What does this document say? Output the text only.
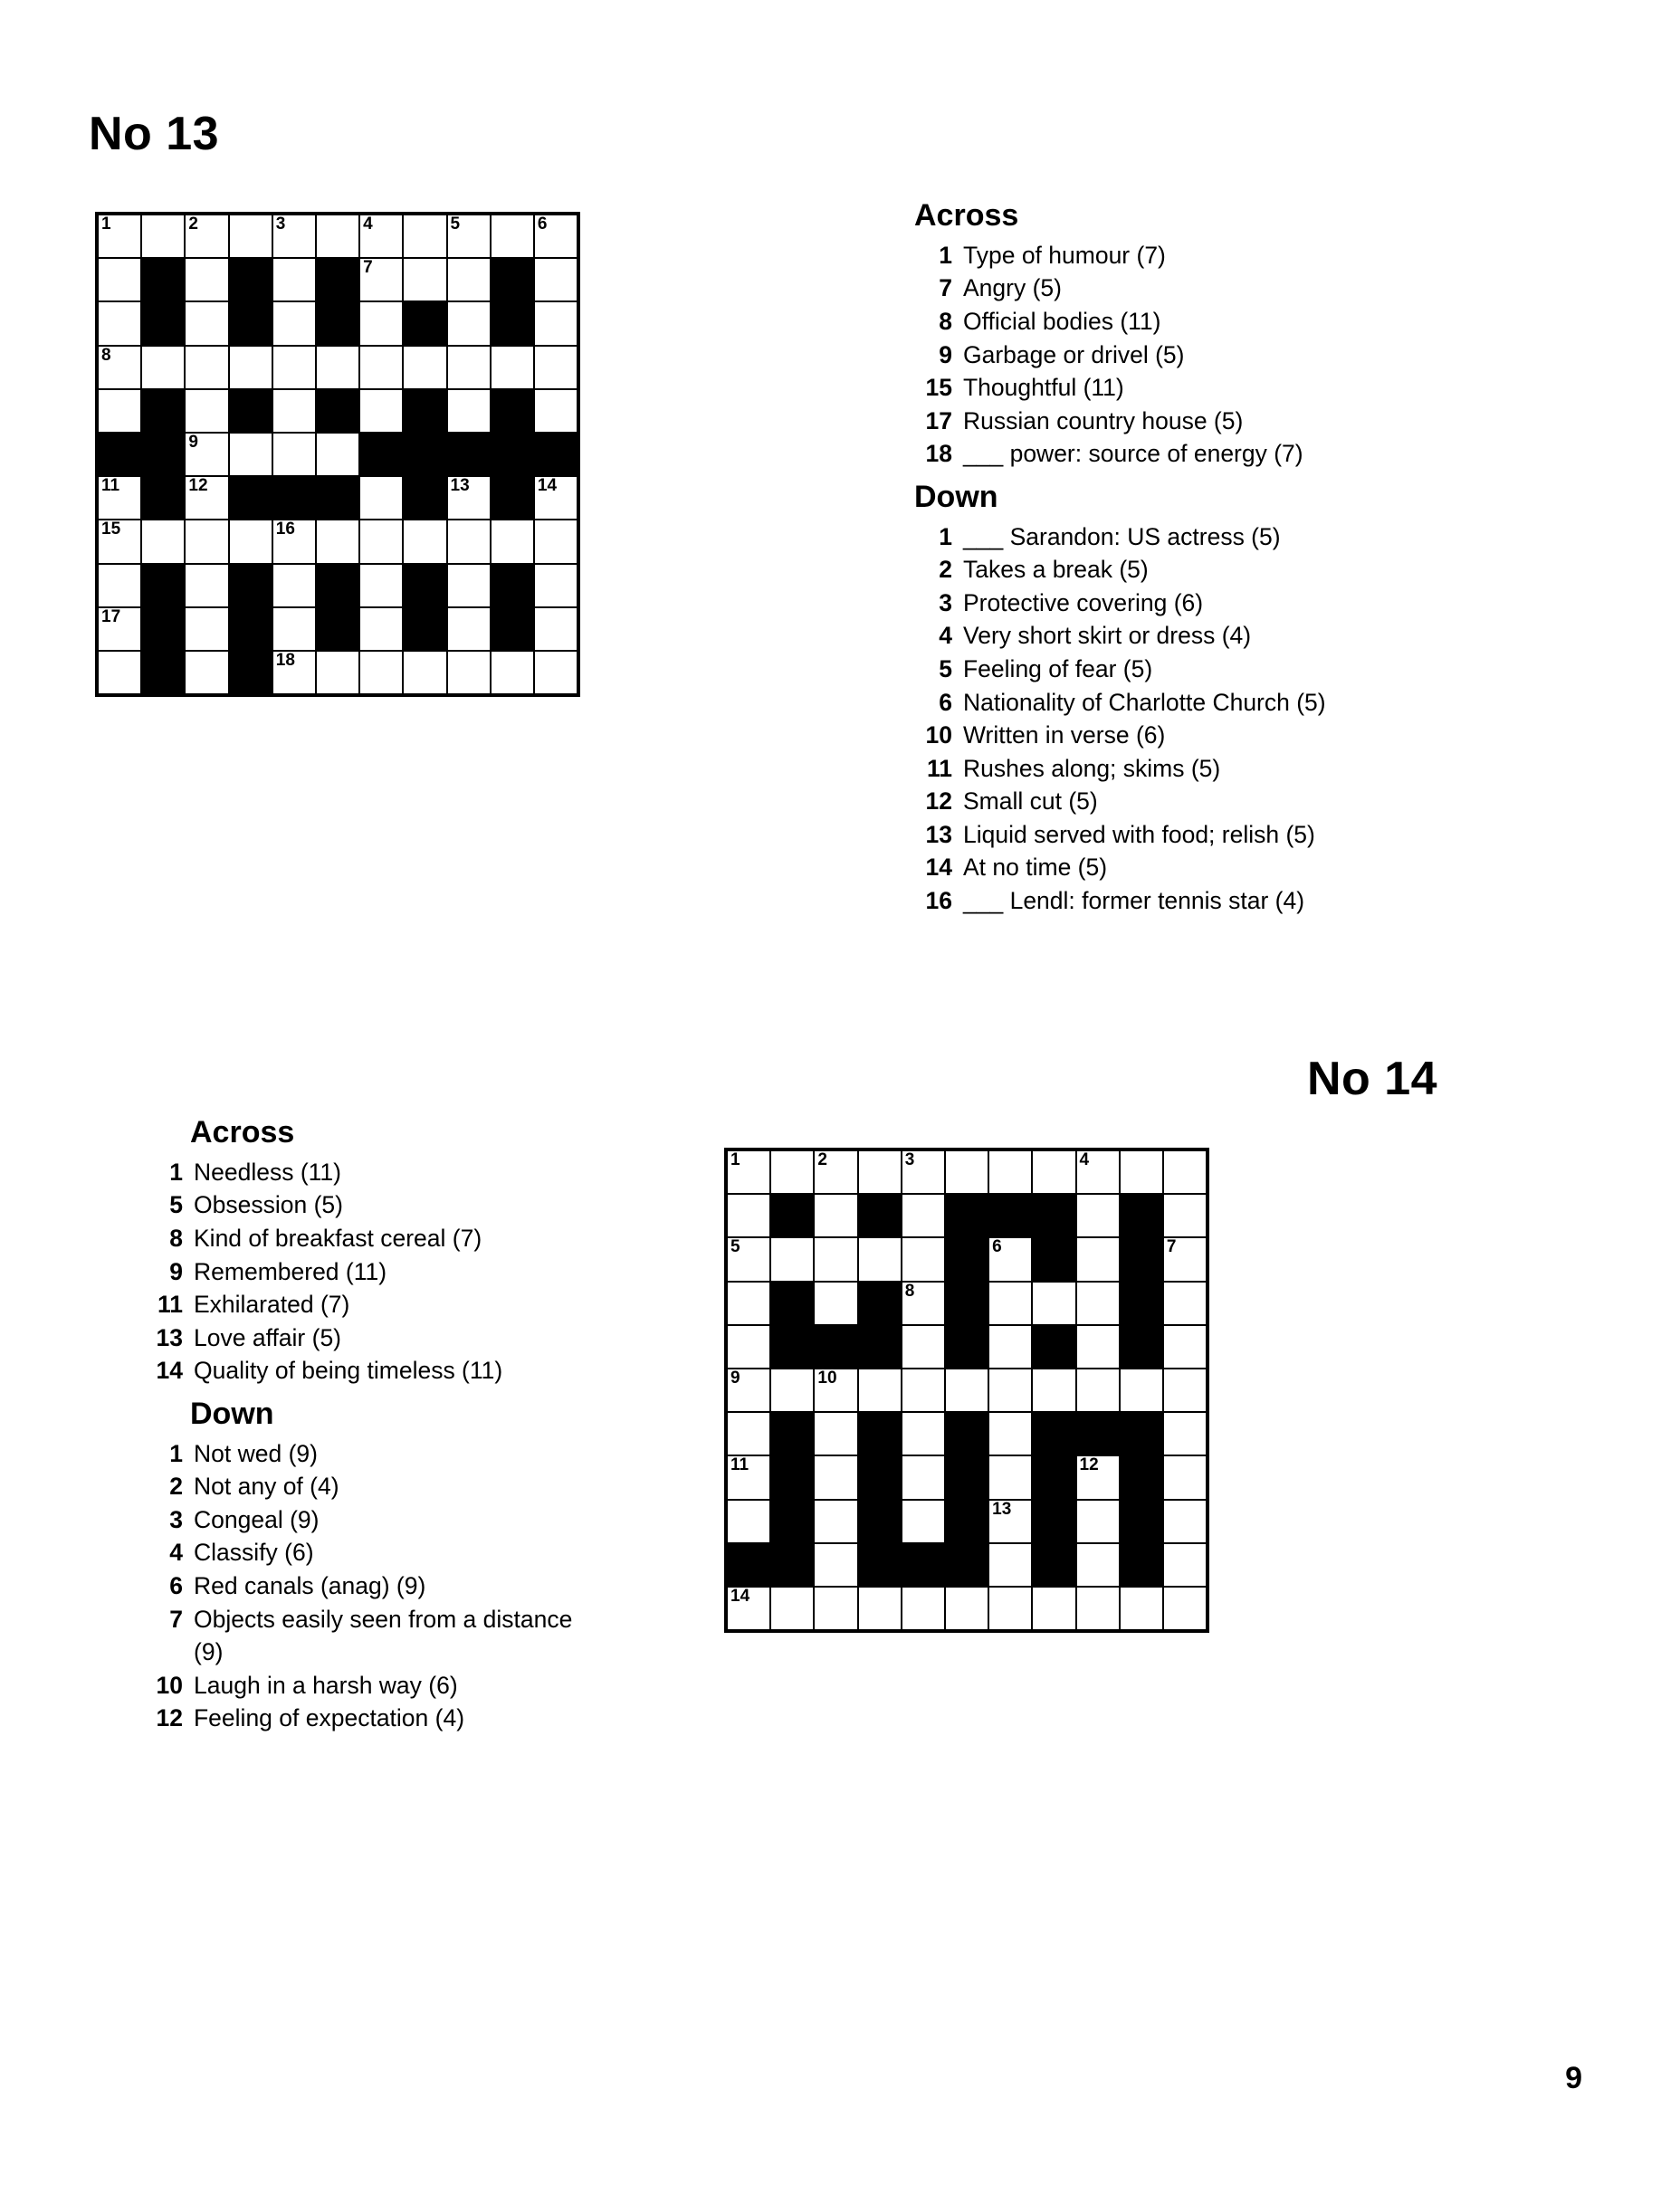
No 13
1	2	3	4	5	6
7
8
9
11	12	13	14
15	16
17
18
Across
1 Type of humour (7)
7 Angry (5)
8 Official bodies (11)
9 Garbage or drivel (5)
15 Thoughtful (11)
17 Russian country house (5)
18 ___ power: source of energy (7)
Down
1 ___ Sarandon: US actress (5)
2 Takes a break (5)
3 Protective covering (6)
4 Very short skirt or dress (4)
5 Feeling of fear (5)
6 Nationality of Charlotte Church (5)
10 Written in verse (6)
11 Rushes along; skims (5)
12 Small cut (5)
13 Liquid served with food; relish (5)
14 At no time (5)
16 ___ Lendl: former tennis star (4)
No 14
1	2	3	4
5	6	7
8
9	10
11	12
13
14
Across
1 Needless (11)
5 Obsession (5)
8 Kind of breakfast cereal (7)
9 Remembered (11)
11 Exhilarated (7)
13 Love affair (5)
14 Quality of being timeless (11)
Down
1 Not wed (9)
2 Not any of (4)
3 Congeal (9)
4 Classify (6)
6 Red canals (anag) (9)
7 Objects easily seen from a distance (9)
10 Laugh in a harsh way (6)
12 Feeling of expectation (4)
9
